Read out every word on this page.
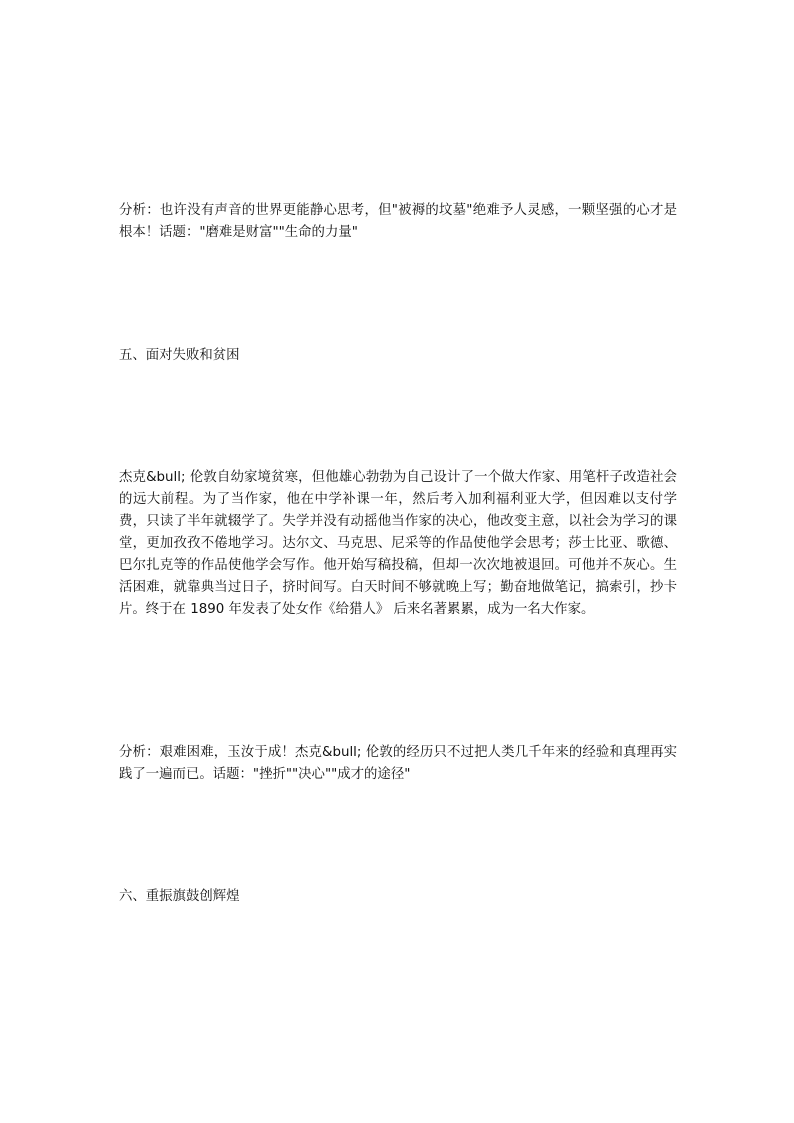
分析：也许没有声音的世界更能静心思考，但"被褥的坟墓"绝难予人灵感，一颗坚强的心才是根本！话题："磨难是财富""生命的力量"

五、面对失败和贫困

杰克&bull; 伦敦自幼家境贫寒，但他雄心勃勃为自己设计了一个做大作家、用笔杆子改造社会的远大前程。为了当作家，他在中学补课一年，然后考入加利福利亚大学，但因难以支付学费，只读了半年就辍学了。失学并没有动摇他当作家的决心，他改变主意，以社会为学习的课堂，更加孜孜不倦地学习。达尔文、马克思、尼采等的作品使他学会思考；莎士比亚、歌德、巴尔扎克等的作品使他学会写作。他开始写稿投稿，但却一次次地被退回。可他并不灰心。生活困难，就靠典当过日子，挤时间写。白天时间不够就晚上写；勤奋地做笔记，搞索引，抄卡片。终于在 1890 年发表了处女作《给猎人》 后来名著累累，成为一名大作家。

分析：艰难困难，玉汝于成！杰克&bull; 伦敦的经历只不过把人类几千年来的经验和真理再实践了一遍而已。话题："挫折""决心""成才的途径"

六、重振旗鼓创辉煌
